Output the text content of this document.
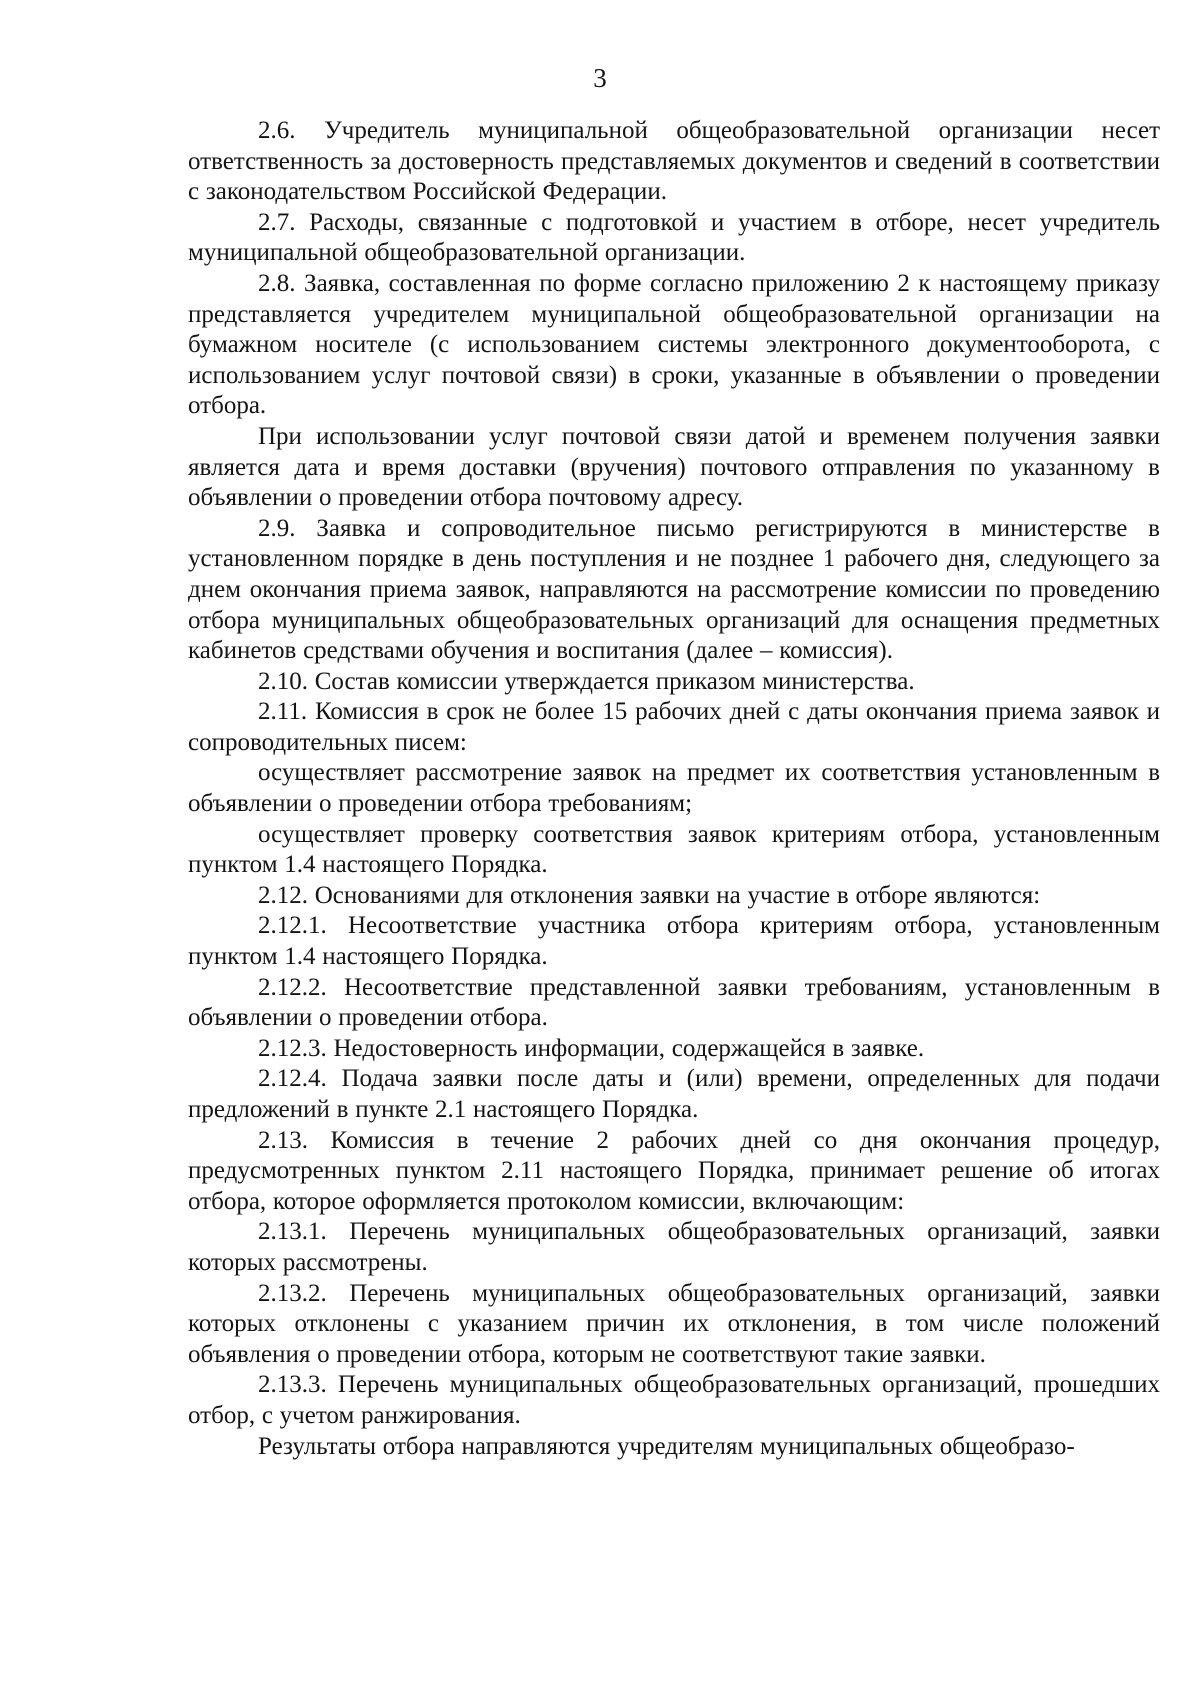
3

2.6. Учредитель муниципальной общеобразовательной организации несет ответственность за достоверность представляемых документов и сведений в соответствии с законодательством Российской Федерации.

2.7. Расходы, связанные с подготовкой и участием в отборе, несет учредитель муниципальной общеобразовательной организации.

2.8. Заявка, составленная по форме согласно приложению 2 к настоящему приказу представляется учредителем муниципальной общеобразовательной организации на бумажном носителе (с использованием системы электронного документооборота, с использованием услуг почтовой связи) в сроки, указанные в объявлении о проведении отбора.

При использовании услуг почтовой связи датой и временем получения заявки является дата и время доставки (вручения) почтового отправления по указанному в объявлении о проведении отбора почтовому адресу.

2.9. Заявка и сопроводительное письмо регистрируются в министерстве в установленном порядке в день поступления и не позднее 1 рабочего дня, следующего за днем окончания приема заявок, направляются на рассмотрение комиссии по проведению отбора муниципальных общеобразовательных организаций для оснащения предметных кабинетов средствами обучения и воспитания (далее – комиссия).

2.10. Состав комиссии утверждается приказом министерства.

2.11. Комиссия в срок не более 15 рабочих дней с даты окончания приема заявок и сопроводительных писем:

осуществляет рассмотрение заявок на предмет их соответствия установленным в объявлении о проведении отбора требованиям;

осуществляет проверку соответствия заявок критериям отбора, установленным пунктом 1.4 настоящего Порядка.

2.12. Основаниями для отклонения заявки на участие в отборе являются:

2.12.1. Несоответствие участника отбора критериям отбора, установленным пунктом 1.4 настоящего Порядка.

2.12.2. Несоответствие представленной заявки требованиям, установленным в объявлении о проведении отбора.

2.12.3. Недостоверность информации, содержащейся в заявке.

2.12.4. Подача заявки после даты и (или) времени, определенных для подачи предложений в пункте 2.1 настоящего Порядка.

2.13. Комиссия в течение 2 рабочих дней со дня окончания процедур, предусмотренных пунктом 2.11 настоящего Порядка, принимает решение об итогах отбора, которое оформляется протоколом комиссии, включающим:

2.13.1. Перечень муниципальных общеобразовательных организаций, заявки которых рассмотрены.

2.13.2. Перечень муниципальных общеобразовательных организаций, заявки которых отклонены с указанием причин их отклонения, в том числе положений объявления о проведении отбора, которым не соответствуют такие заявки.

2.13.3. Перечень муниципальных общеобразовательных организаций, прошедших отбор, с учетом ранжирования.

Результаты отбора направляются учредителям муниципальных общеобразо-
